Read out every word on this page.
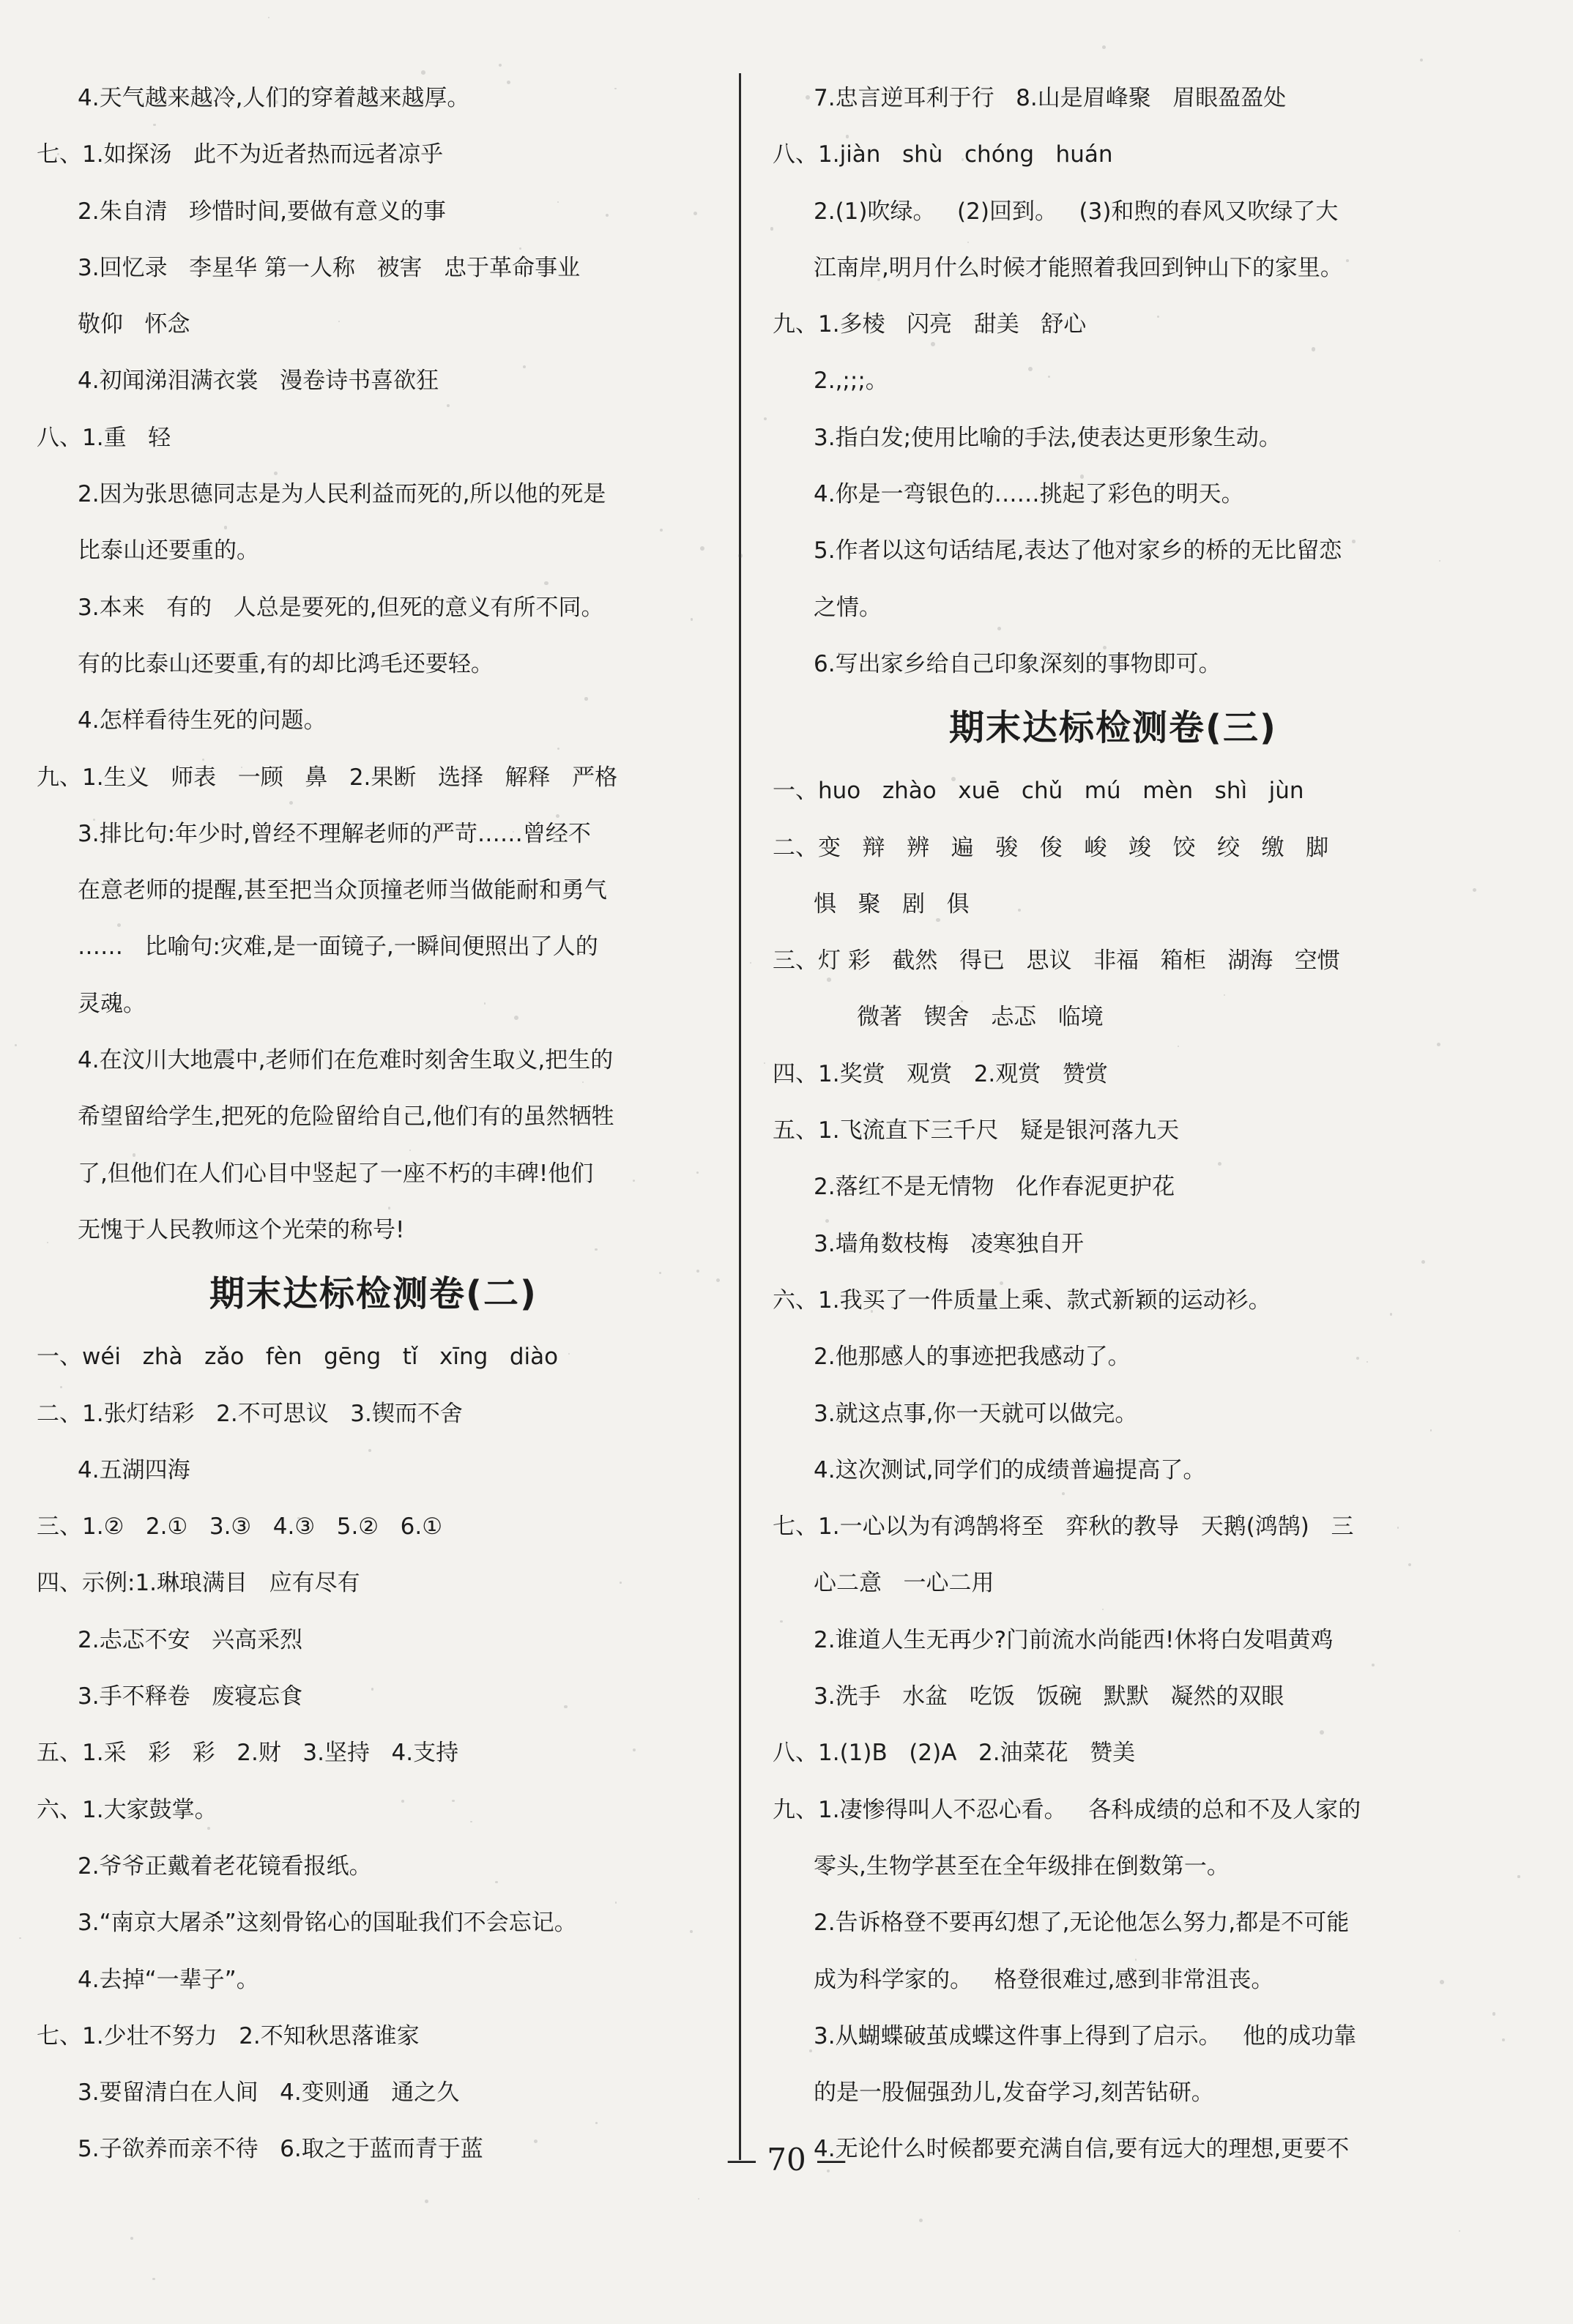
4.天气越来越冷,人们的穿着越来越厚。
七、1.如探汤   此不为近者热而远者凉乎
2.朱自清   珍惜时间,要做有意义的事
3.回忆录   李星华 第一人称   被害   忠于革命事业
敬仰   怀念
4.初闻涕泪满衣裳   漫卷诗书喜欲狂
八、1.重   轻
2.因为张思德同志是为人民利益而死的,所以他的死是
比泰山还要重的。
3.本来   有的   人总是要死的,但死的意义有所不同。
有的比泰山还要重,有的却比鸿毛还要轻。
4.怎样看待生死的问题。
九、1.生义   师表   一顾   鼻   2.果断   选择   解释   严格
3.排比句:年少时,曾经不理解老师的严苛……曾经不
在意老师的提醒,甚至把当众顶撞老师当做能耐和勇气
……   比喻句:灾难,是一面镜子,一瞬间便照出了人的
灵魂。
4.在汶川大地震中,老师们在危难时刻舍生取义,把生的
希望留给学生,把死的危险留给自己,他们有的虽然牺牲
了,但他们在人们心目中竖起了一座不朽的丰碑!他们
无愧于人民教师这个光荣的称号!
期末达标检测卷(二)
一、wéi   zhà   zǎo   fèn   gēng   tǐ   xīng   diào
二、1.张灯结彩   2.不可思议   3.锲而不舍
4.五湖四海
三、1.②   2.①   3.③   4.③   5.②   6.①
四、示例:1.琳琅满目   应有尽有
2.忐忑不安   兴高采烈
3.手不释卷   废寝忘食
五、1.采   彩   彩   2.财   3.坚持   4.支持
六、1.大家鼓掌。
2.爷爷正戴着老花镜看报纸。
3.“南京大屠杀”这刻骨铭心的国耻我们不会忘记。
4.去掉“一辈子”。
七、1.少壮不努力   2.不知秋思落谁家
3.要留清白在人间   4.变则通   通之久
5.子欲养而亲不待   6.取之于蓝而青于蓝
7.忠言逆耳利于行   8.山是眉峰聚   眉眼盈盈处
八、1.jiàn   shù   chóng   huán
2.(1)吹绿。   (2)回到。   (3)和煦的春风又吹绿了大
江南岸,明月什么时候才能照着我回到钟山下的家里。
九、1.多棱   闪亮   甜美   舒心
2.,;;;。
3.指白发;使用比喻的手法,使表达更形象生动。
4.你是一弯银色的……挑起了彩色的明天。
5.作者以这句话结尾,表达了他对家乡的桥的无比留恋
之情。
6.写出家乡给自己印象深刻的事物即可。
期末达标检测卷(三)
一、huo   zhào   xuē   chǔ   mú   mèn   shì   jùn
二、变   辩   辨   遍   骏   俊   峻   竣   饺   绞   缴   脚
惧   聚   剧   俱
三、灯 彩   截然   得已   思议   非福   箱柜   湖海   空惯
微著   锲舍   忐忑   临境
四、1.奖赏   观赏   2.观赏   赞赏
五、1.飞流直下三千尺   疑是银河落九天
2.落红不是无情物   化作春泥更护花
3.墙角数枝梅   凌寒独自开
六、1.我买了一件质量上乘、款式新颖的运动衫。
2.他那感人的事迹把我感动了。
3.就这点事,你一天就可以做完。
4.这次测试,同学们的成绩普遍提高了。
七、1.一心以为有鸿鹄将至   弈秋的教导   天鹅(鸿鹄)   三
心二意   一心二用
2.谁道人生无再少?门前流水尚能西!休将白发唱黄鸡
3.洗手   水盆   吃饭   饭碗   默默   凝然的双眼
八、1.(1)B   (2)A   2.油菜花   赞美
九、1.凄惨得叫人不忍心看。   各科成绩的总和不及人家的
零头,生物学甚至在全年级排在倒数第一。
2.告诉格登不要再幻想了,无论他怎么努力,都是不可能
成为科学家的。   格登很难过,感到非常沮丧。
3.从蝴蝶破茧成蝶这件事上得到了启示。   他的成功靠
的是一股倔强劲儿,发奋学习,刻苦钻研。
4.无论什么时候都要充满自信,要有远大的理想,更要不
— 70 —
